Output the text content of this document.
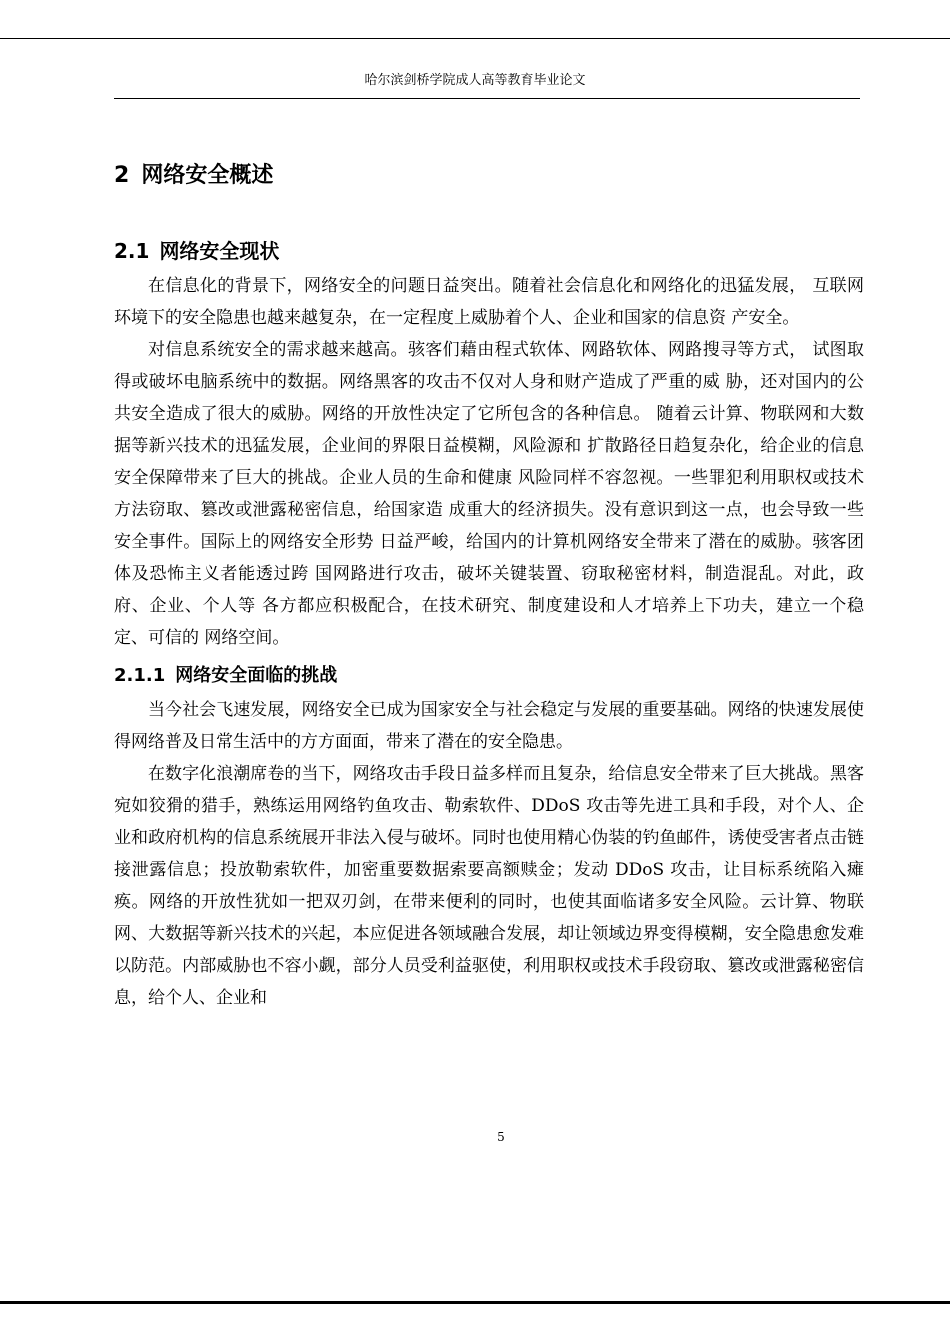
哈尔滨剑桥学院成人高等教育毕业论文
2 网络安全概述
2.1 网络安全现状

在信息化的背景下，网络安全的问题日益突出。随着社会信息化和网络化的迅猛发展， 互联网环境下的安全隐患也越来越复杂，在一定程度上威胁着个人、企业和国家的信息资 产安全。

对信息系统安全的需求越来越高。骇客们藉由程式软体、网路软体、网路搜寻等方式， 试图取得或破坏电脑系统中的数据。网络黑客的攻击不仅对人身和财产造成了严重的威 胁，还对国内的公共安全造成了很大的威胁。网络的开放性决定了它所包含的各种信息。 随着云计算、物联网和大数据等新兴技术的迅猛发展，企业间的界限日益模糊，风险源和 扩散路径日趋复杂化，给企业的信息安全保障带来了巨大的挑战。企业人员的生命和健康 风险同样不容忽视。一些罪犯利用职权或技术方法窃取、篡改或泄露秘密信息，给国家造 成重大的经济损失。没有意识到这一点，也会导致一些安全事件。国际上的网络安全形势 日益严峻，给国内的计算机网络安全带来了潜在的威胁。骇客团体及恐怖主义者能透过跨 国网路进行攻击，破坏关键装置、窃取秘密材料，制造混乱。对此，政府、企业、个人等 各方都应积极配合，在技术研究、制度建设和人才培养上下功夫，建立一个稳定、可信的 网络空间。

2.1.1 网络安全面临的挑战

当今社会飞速发展，网络安全已成为国家安全与社会稳定与发展的重要基础。网络的快速发展使得网络普及日常生活中的方方面面，带来了潜在的安全隐患。

在数字化浪潮席卷的当下，网络攻击手段日益多样而且复杂，给信息安全带来了巨大挑战。黑客宛如狡猾的猎手，熟练运用网络钓鱼攻击、勒索软件、DDoS 攻击等先进工具和手段，对个人、企业和政府机构的信息系统展开非法入侵与破坏。同时也使用精心伪装的钓鱼邮件，诱使受害者点击链接泄露信息；投放勒索软件，加密重要数据索要高额赎金；发动 DDoS 攻击，让目标系统陷入瘫痪。网络的开放性犹如一把双刃剑，在带来便利的同时，也使其面临诸多安全风险。云计算、物联网、大数据等新兴技术的兴起，本应促进各领域融合发展，却让领域边界变得模糊，安全隐患愈发难以防范。内部威胁也不容小觑，部分人员受利益驱使，利用职权或技术手段窃取、篡改或泄露秘密信息，给个人、企业和

5
